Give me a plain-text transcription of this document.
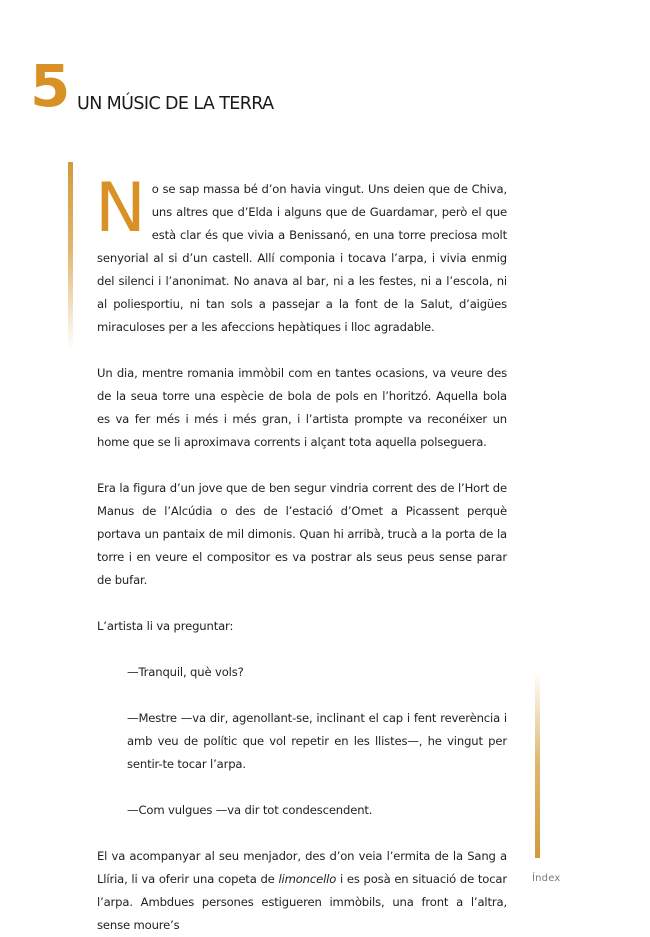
5 UN MÚSIC DE LA TERRA

No se sap massa bé d’on havia vingut. Uns deien que de Chiva, uns altres que d’Elda i alguns que de Guardamar, però el que està clar és que vivia a Benissanó, en una torre preciosa molt senyorial al si d’un castell. Allí componia i tocava l’arpa, i vivia enmig del silenci i l’anonimat. No anava al bar, ni a les festes, ni a l’escola, ni al poliesportiu, ni tan sols a passejar a la font de la Salut, d’aigües miraculoses per a les afeccions hepàtiques i lloc agradable.

Un dia, mentre romania immòbil com en tantes ocasions, va veure des de la seua torre una espècie de bola de pols en l’horitzó. Aquella bola es va fer més i més i més gran, i l’artista prompte va reconéixer un home que se li aproximava corrents i alçant tota aquella polseguera.

Era la figura d’un jove que de ben segur vindria corrent des de l’Hort de Manus de l’Alcúdia o des de l’estació d’Omet a Picassent perquè portava un pantaix de mil dimonis. Quan hi arribà, trucà a la porta de la torre i en veure el compositor es va postrar als seus peus sense parar de bufar.

L’artista li va preguntar:

—Tranquil, què vols?

—Mestre —va dir, agenollant-se, inclinant el cap i fent reverència i amb veu de polític que vol repetir en les llistes—, he vingut per sentir-te tocar l’arpa.

—Com vulgues —va dir tot condescendent.

El va acompanyar al seu menjador, des d’on veia l’ermita de la Sang a Llíria, li va oferir una copeta de limoncello i es posà en situació de tocar l’arpa. Ambdues persones estigueren immòbils, una front a l’altra, sense moure’s

Índex
